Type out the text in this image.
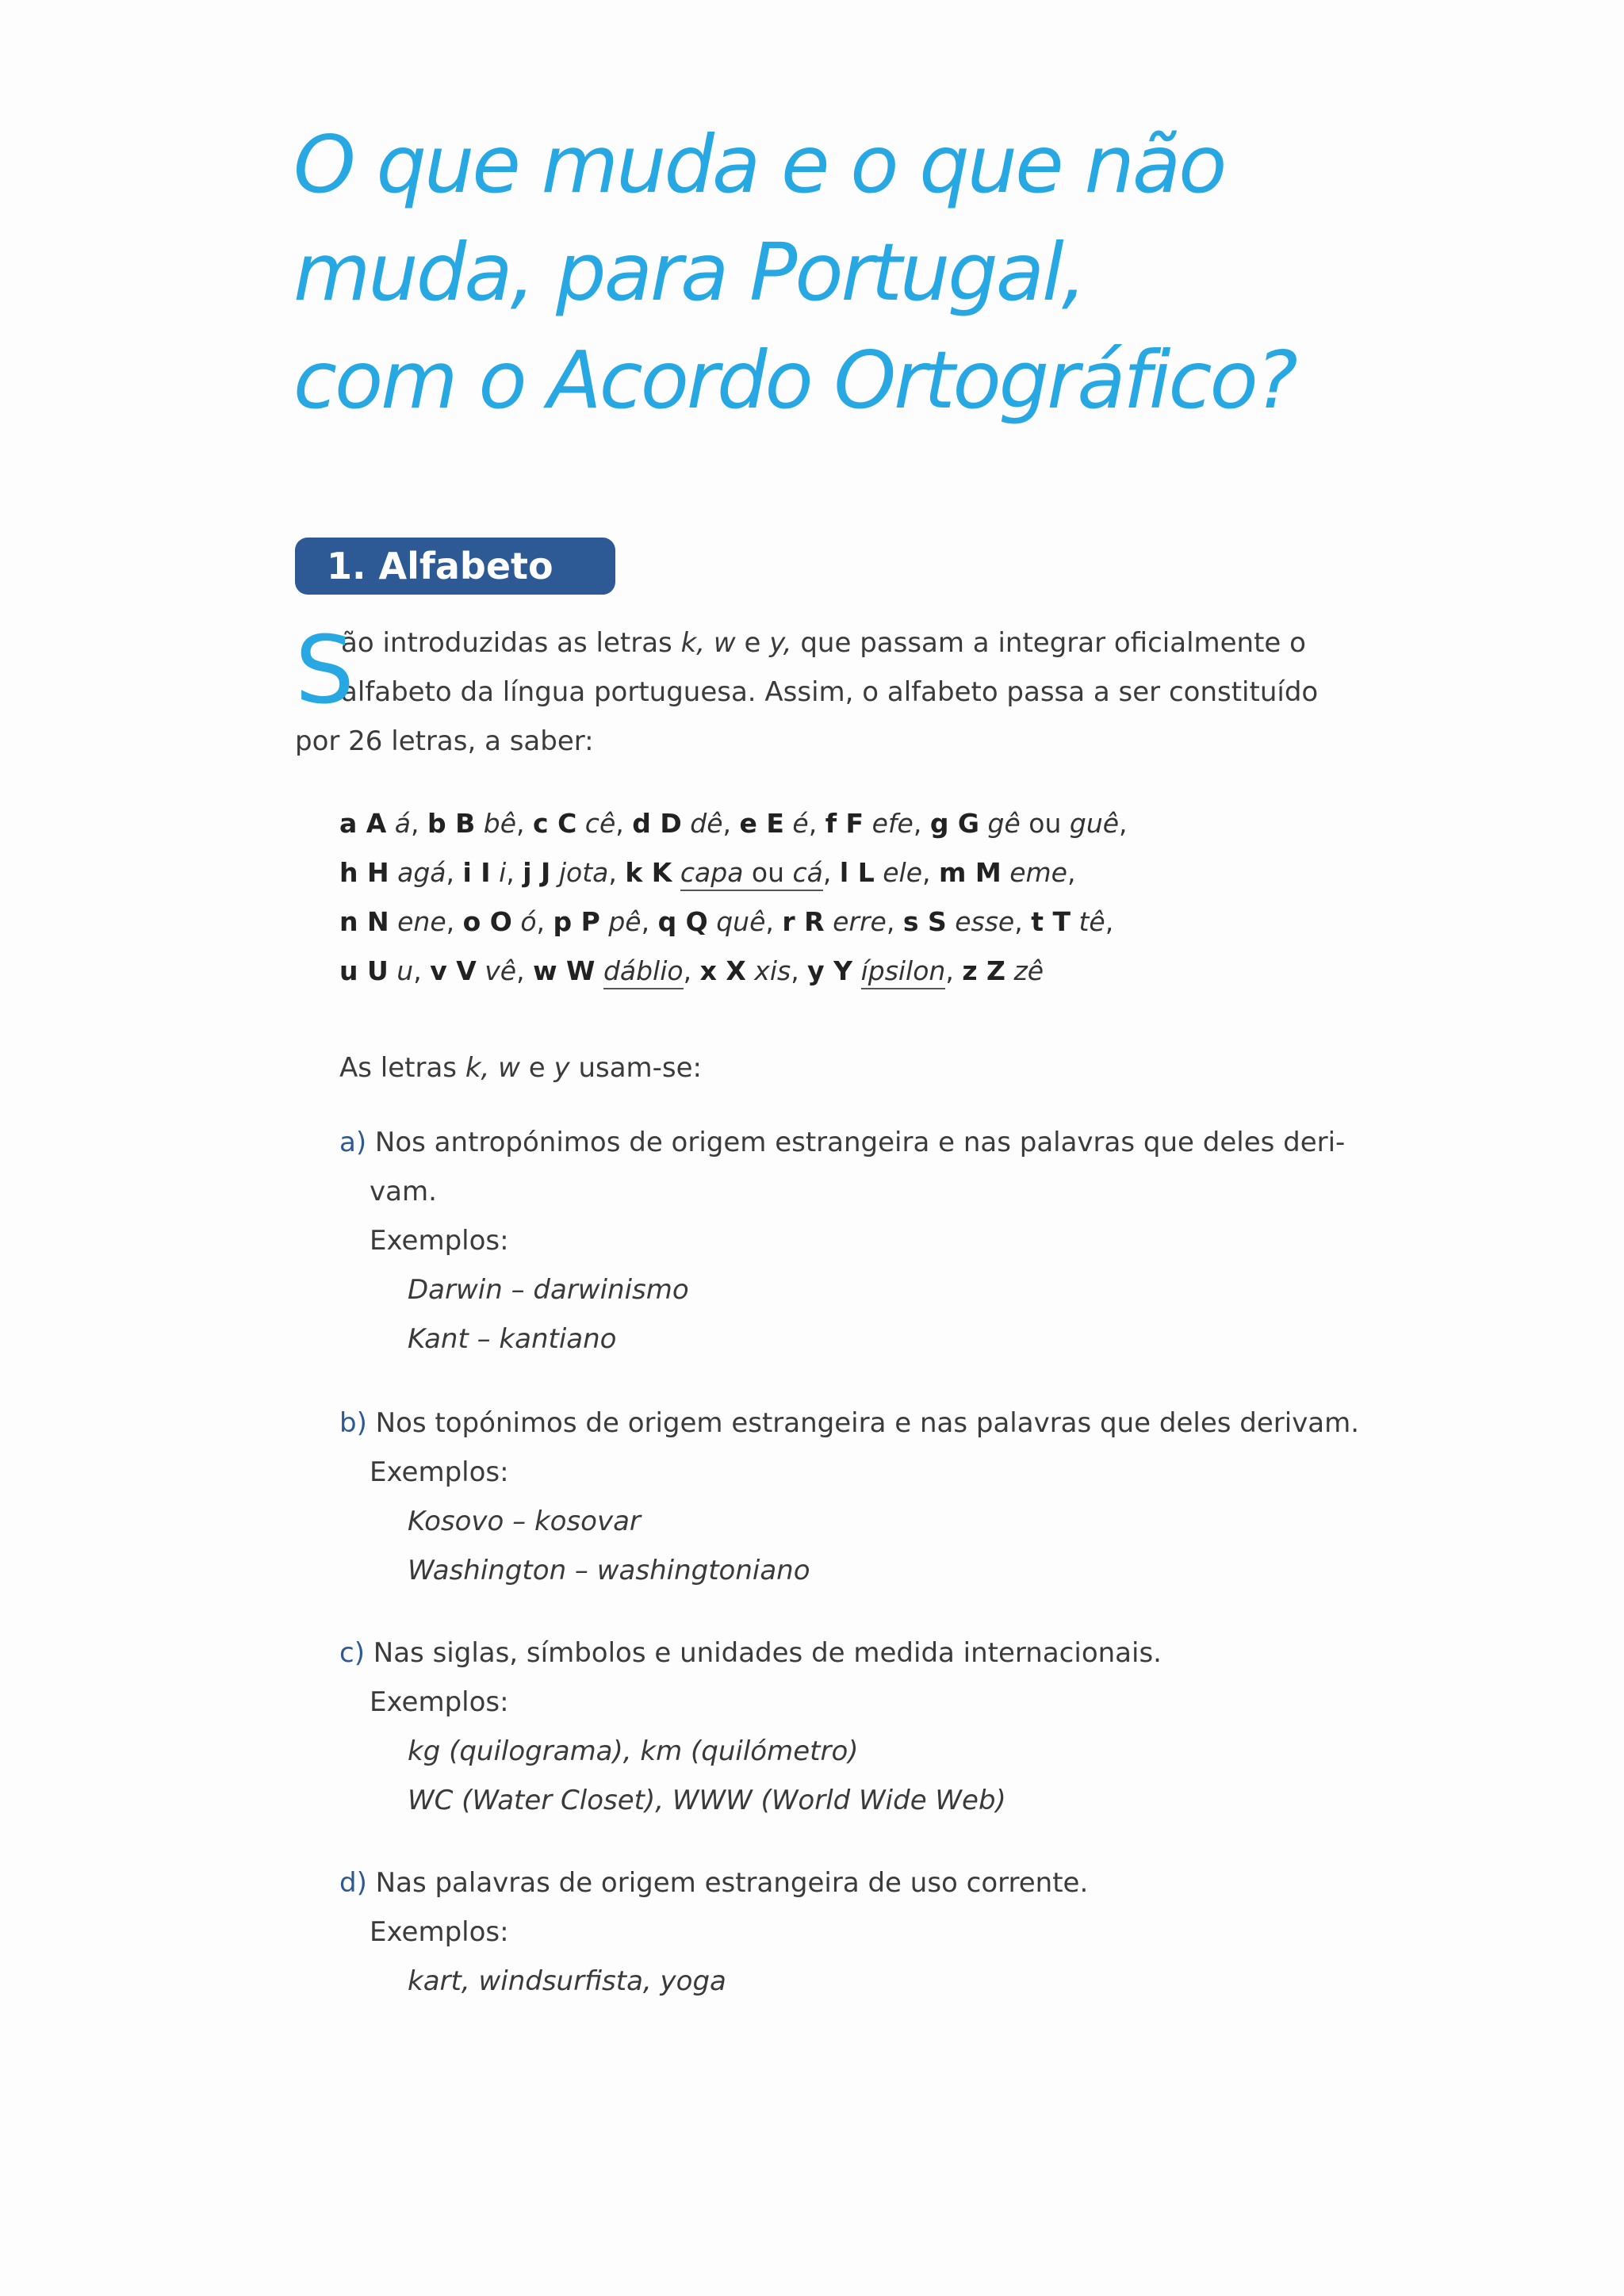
O que muda e o que não
muda, para Portugal,
com o Acordo Ortográfico?
1. Alfabeto
S
ão introduzidas as letras k, w e y, que passam a integrar oficialmente o
alfabeto da língua portuguesa. Assim, o alfabeto passa a ser constituído
por 26 letras, a saber:
a A á, b B bê, c C cê, d D dê, e E é, f F efe, g G gê ou guê,
h H agá, i I i, j J jota, k K capa ou cá, l L ele, m M eme,
n N ene, o O ó, p P pê, q Q quê, r R erre, s S esse, t T tê,
u U u, v V vê, w W dáblio, x X xis, y Y ípsilon, z Z zê
As letras k, w e y usam-se:
a) Nos antropónimos de origem estrangeira e nas palavras que deles deri-
vam.
Exemplos:
Darwin – darwinismo
Kant – kantiano
b) Nos topónimos de origem estrangeira e nas palavras que deles derivam.
Exemplos:
Kosovo – kosovar
Washington – washingtoniano
c) Nas siglas, símbolos e unidades de medida internacionais.
Exemplos:
kg (quilograma), km (quilómetro)
WC (Water Closet), WWW (World Wide Web)
d) Nas palavras de origem estrangeira de uso corrente.
Exemplos:
kart, windsurfista, yoga
